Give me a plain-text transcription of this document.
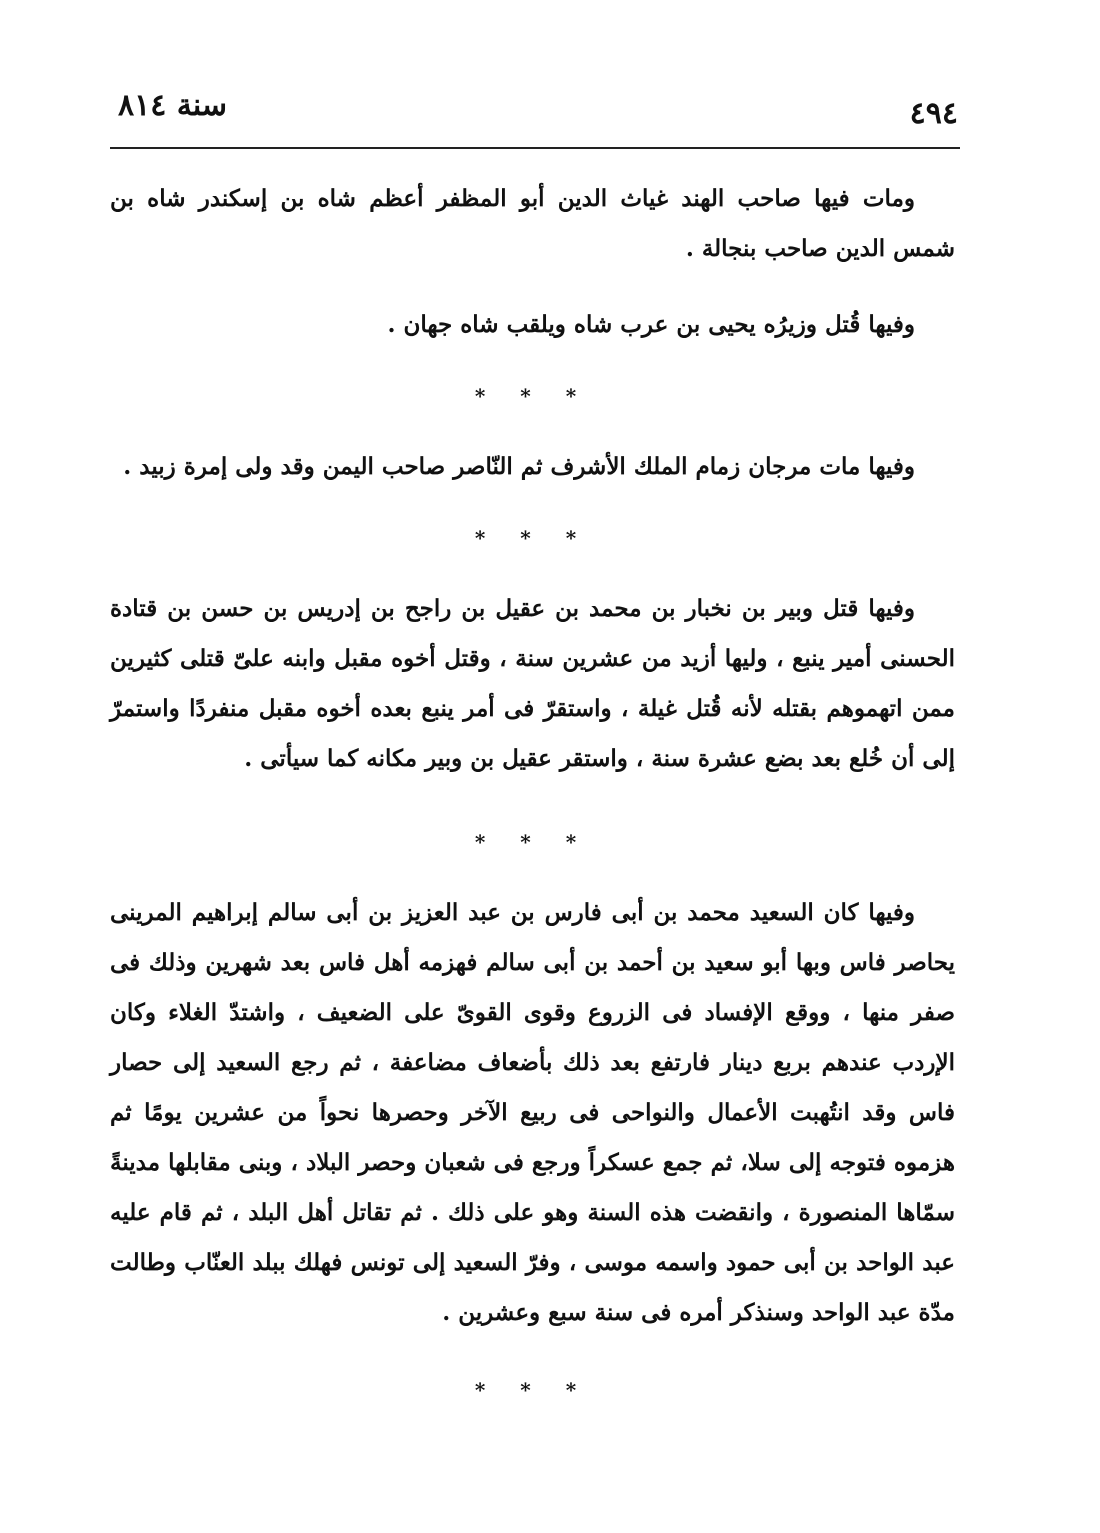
٤٩٤
سنة ٨١٤
ومات فيها صاحب الهند غياث الدين أبو المظفر أعظم شاه بن إسكندر شاه بن شمس الدين صاحب بنجالة .
وفيها قُتل وزيرُه يحيى بن عرب شاه ويلقب شاه جهان .
* * *
وفيها مات مرجان زمام الملك الأشرف ثم النّاصر صاحب اليمن وقد ولى إمرة زبيد .
* * *
وفيها قتل وبير بن نخبار بن محمد بن عقيل بن راجح بن إدريس بن حسن بن قتادة الحسنى أمير ينبع ، وليها أزيد من عشرين سنة ، وقتل أخوه مقبل وابنه علىّ قتلى كثيرين ممن اتهموهم بقتله لأنه قُتل غيلة ، واستقرّ فى أمر ينبع بعده أخوه مقبل منفردًا واستمرّ إلى أن خُلع بعد بضع عشرة سنة ، واستقر عقيل بن وبير مكانه كما سيأتى .
* * *
وفيها كان السعيد محمد بن أبى فارس بن عبد العزيز بن أبى سالم إبراهيم المرينى يحاصر فاس وبها أبو سعيد بن أحمد بن أبى سالم فهزمه أهل فاس بعد شهرين وذلك فى صفر منها ، ووقع الإفساد فى الزروع وقوى القوىّ على الضعيف ، واشتدّ الغلاء وكان الإردب عندهم بربع دينار فارتفع بعد ذلك بأضعاف مضاعفة ، ثم رجع السعيد إلى حصار فاس وقد انتُهبت الأعمال والنواحى فى ربيع الآخر وحصرها نحواً من عشرين يومًا ثم هزموه فتوجه إلى سلا، ثم جمع عسكراً ورجع فى شعبان وحصر البلاد ، وبنى مقابلها مدينةً سمّاها المنصورة ، وانقضت هذه السنة وهو على ذلك . ثم تقاتل أهل البلد ، ثم قام عليه عبد الواحد بن أبى حمود واسمه موسى ، وفرّ السعيد إلى تونس فهلك ببلد العنّاب وطالت مدّة عبد الواحد وسنذكر أمره فى سنة سبع وعشرين .
* * *
